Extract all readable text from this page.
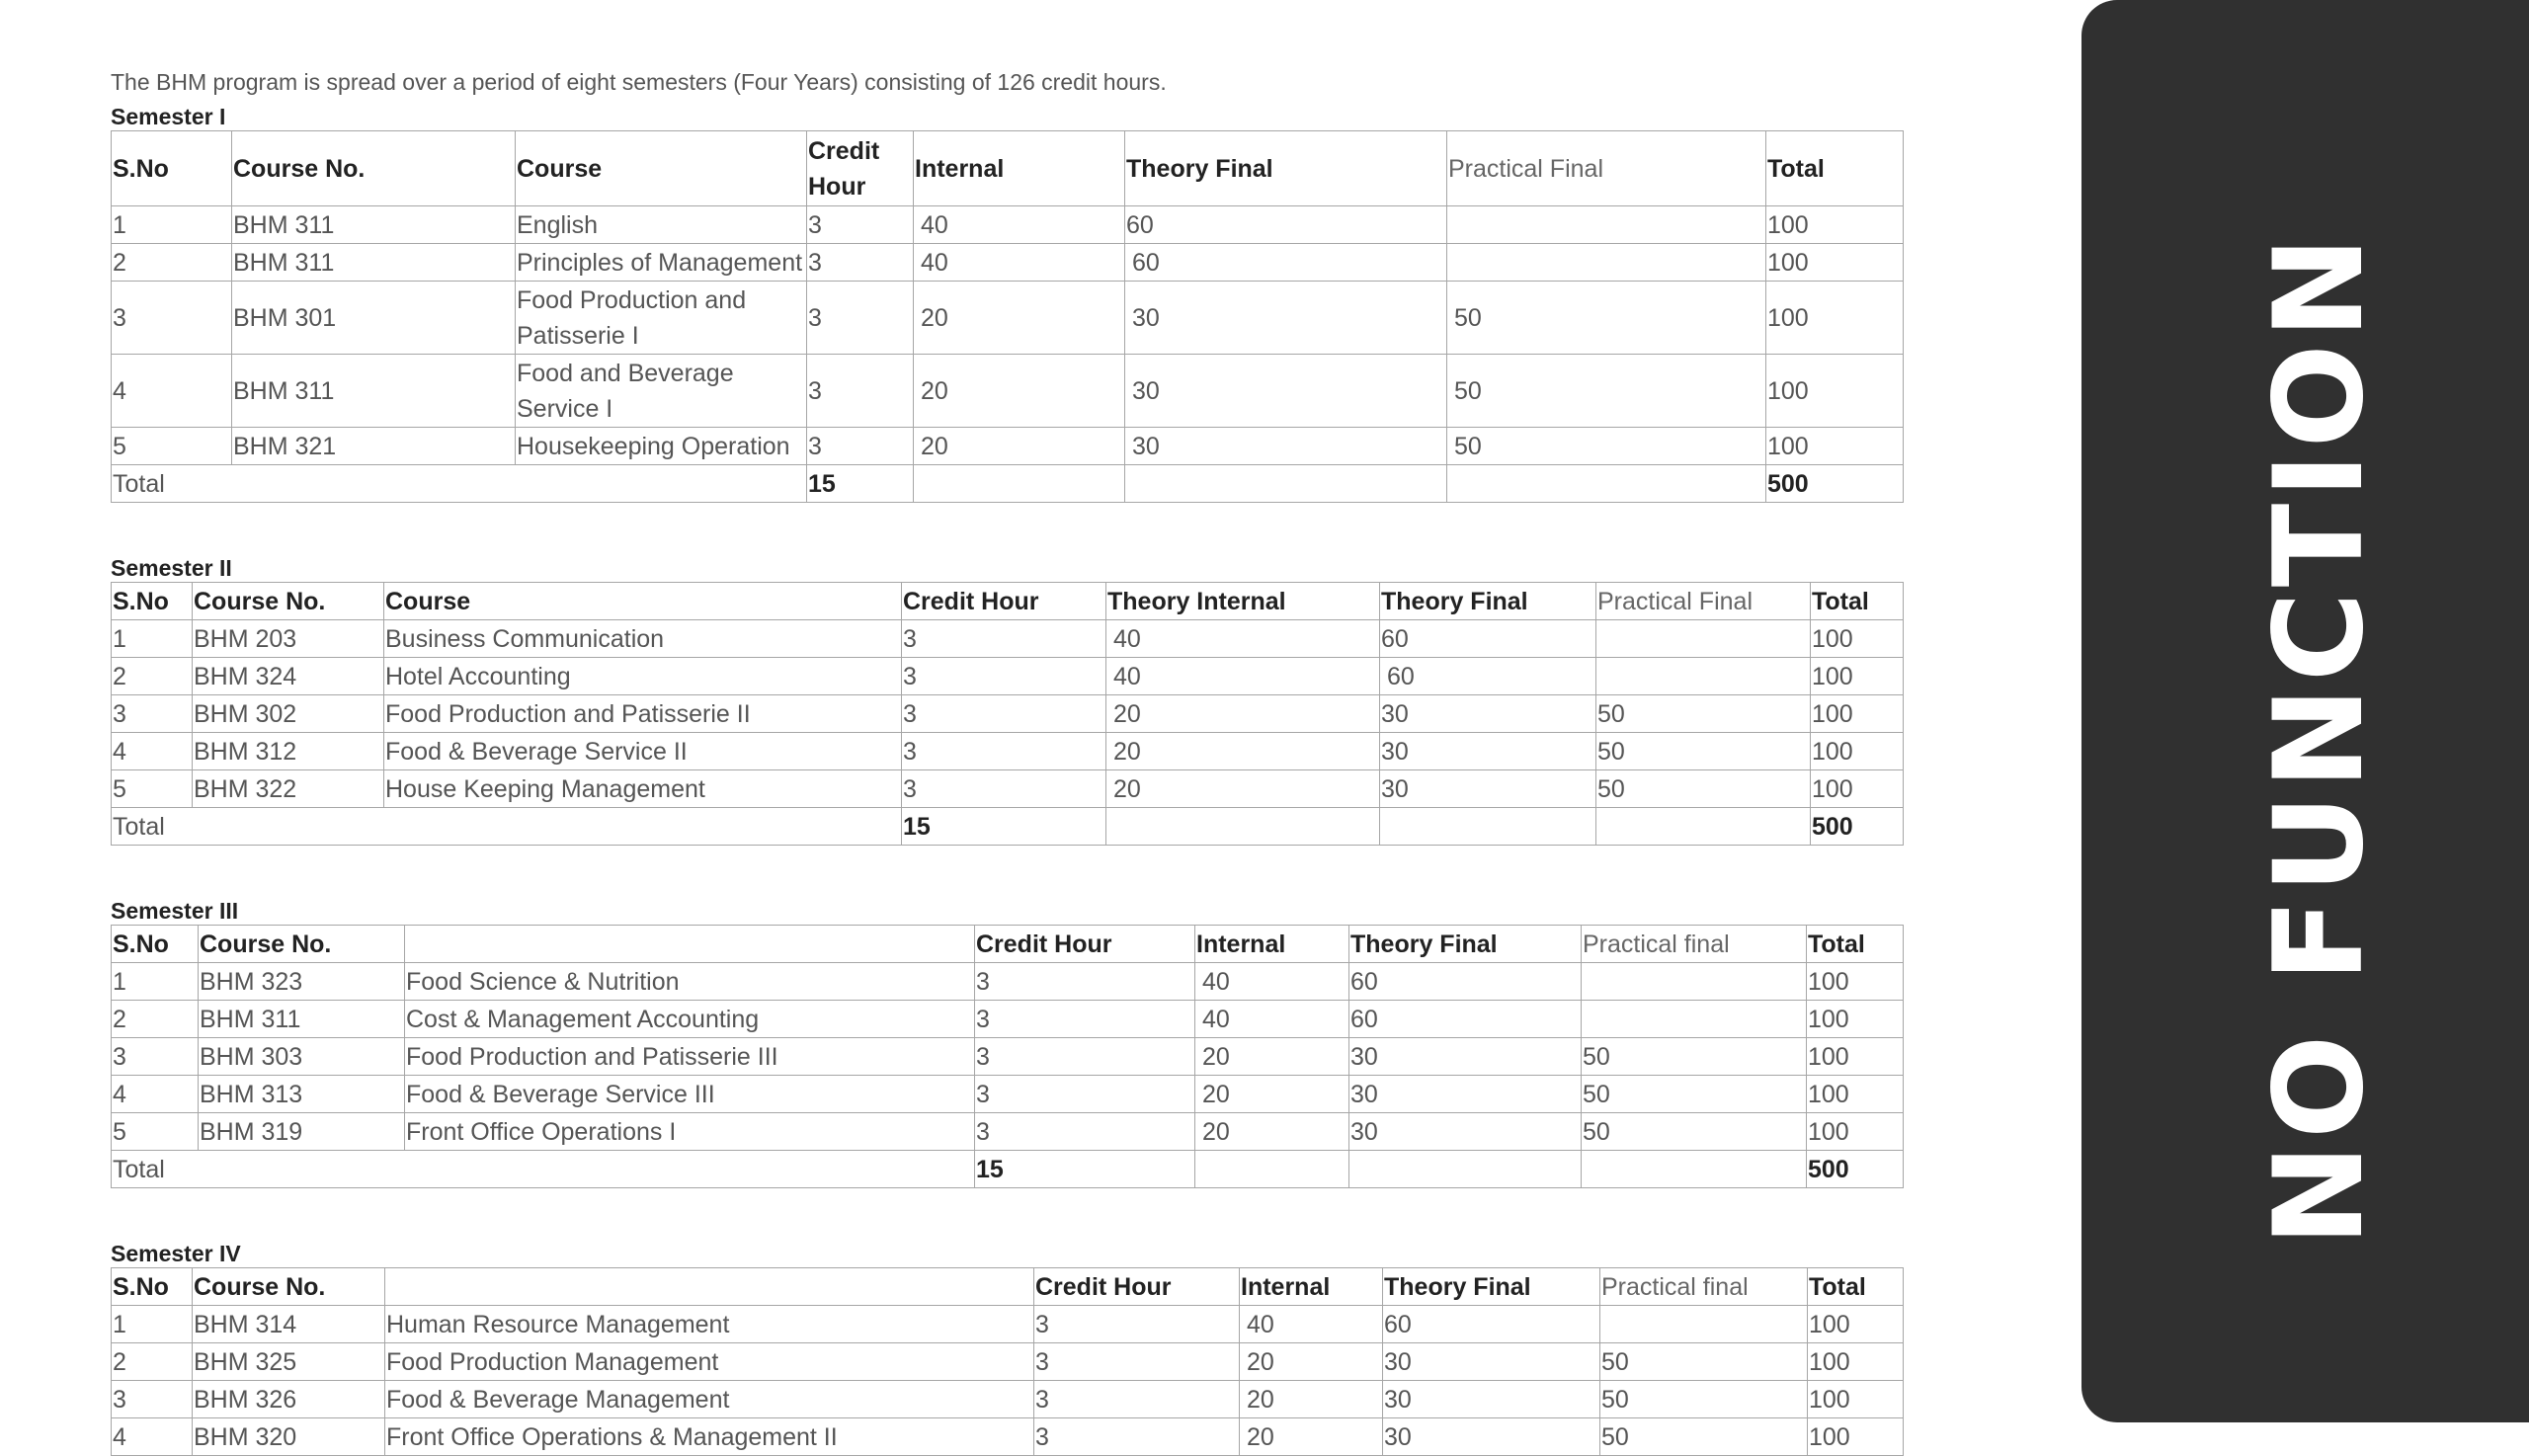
The BHM program is spread over a period of eight semesters (Four Years) consisting of 126 credit hours.

Semester I
S.No	Course No.	Course	Credit Hour	Internal	Theory Final	Practical Final	Total
1	BHM 311	English	3	40	60		100
2	BHM 311	Principles of Management	3	40	60		100
3	BHM 301	Food Production and Patisserie I	3	20	30	50	100
4	BHM 311	Food and Beverage Service I	3	20	30	50	100
5	BHM 321	Housekeeping Operation	3	20	30	50	100
Total			15				500
Semester II
S.No	Course No.	Course	Credit Hour	Theory Internal	Theory Final	Practical Final	Total
1	BHM 203	Business Communication	3	40	60		100
2	BHM 324	Hotel Accounting	3	40	60		100
3	BHM 302	Food Production and Patisserie II	3	20	30	50	100
4	BHM 312	Food & Beverage Service II	3	20	30	50	100
5	BHM 322	House Keeping Management	3	20	30	50	100
Total			15				500
Semester III
S.No	Course No.		Credit Hour	Internal	Theory Final	Practical final	Total
1	BHM 323	Food Science & Nutrition	3	40	60		100
2	BHM 311	Cost & Management Accounting	3	40	60		100
3	BHM 303	Food Production and Patisserie III	3	20	30	50	100
4	BHM 313	Food & Beverage Service III	3	20	30	50	100
5	BHM 319	Front Office Operations I	3	20	30	50	100
Total			15				500
Semester IV
S.No	Course No.		Credit Hour	Internal	Theory Final	Practical final	Total
1	BHM 314	Human Resource Management	3	40	60		100
2	BHM 325	Food Production Management	3	20	30	50	100
3	BHM 326	Food & Beverage Management	3	20	30	50	100
4	BHM 320	Front Office Operations & Management II	3	20	30	50	100
NO FUNCTION
